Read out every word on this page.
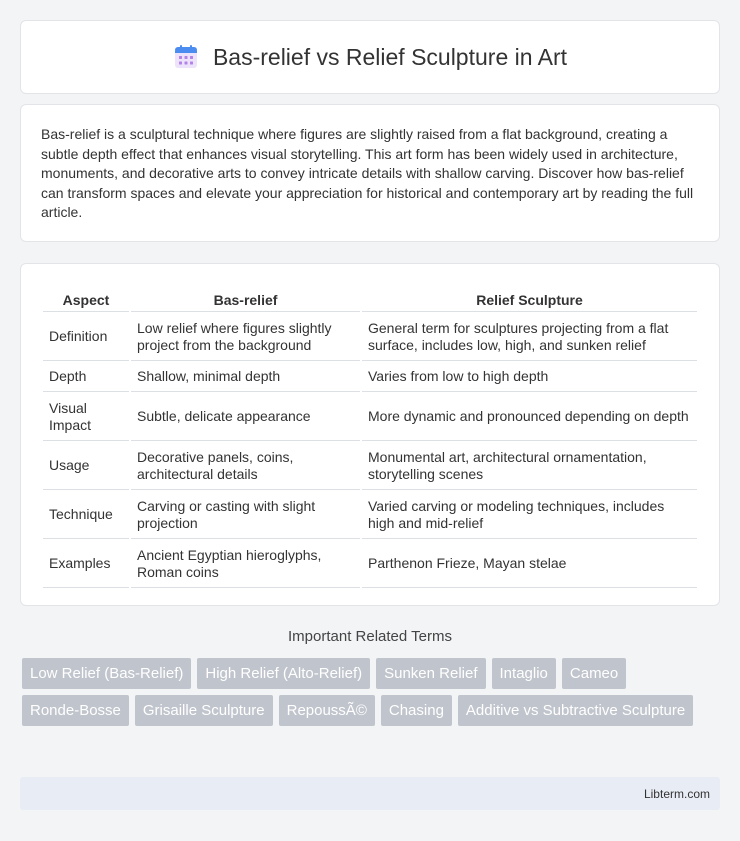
Bas-relief vs Relief Sculpture in Art

Bas-relief is a sculptural technique where figures are slightly raised from a flat background, creating a subtle depth effect that enhances visual storytelling. This art form has been widely used in architecture, monuments, and decorative arts to convey intricate details with shallow carving. Discover how bas-relief can transform spaces and elevate your appreciation for historical and contemporary art by reading the full article.

Aspect	Bas-relief	Relief Sculpture
Definition	Low relief where figures slightly project from the background	General term for sculptures projecting from a flat surface, includes low, high, and sunken relief
Depth	Shallow, minimal depth	Varies from low to high depth
Visual Impact	Subtle, delicate appearance	More dynamic and pronounced depending on depth
Usage	Decorative panels, coins, architectural details	Monumental art, architectural ornamentation, storytelling scenes
Technique	Carving or casting with slight projection	Varied carving or modeling techniques, includes high and mid-relief
Examples	Ancient Egyptian hieroglyphs, Roman coins	Parthenon Frieze, Mayan stelae
Important Related Terms
Low Relief (Bas-Relief)	High Relief (Alto-Relief)	Sunken Relief	Intaglio	Cameo
Ronde-Bosse	Grisaille Sculpture	RepoussÃ©	Chasing	Additive vs Subtractive Sculpture
Libterm.com
